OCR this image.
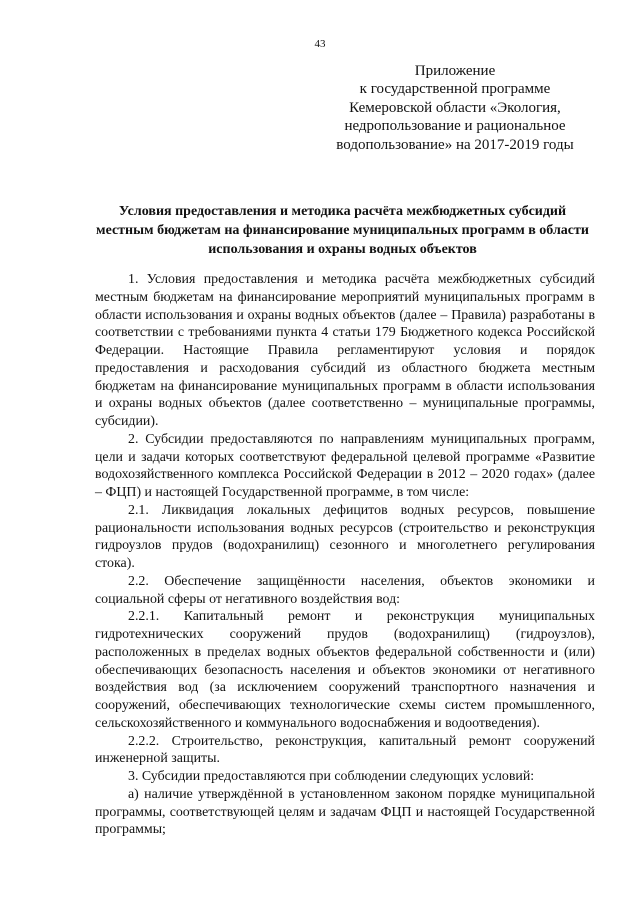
43
Приложение
к государственной программе
Кемеровской области «Экология,
недропользование и рациональное
водопользование» на 2017-2019 годы
Условия предоставления и методика расчёта межбюджетных субсидий местным бюджетам на финансирование муниципальных программ в области использования и охраны водных объектов

1. Условия предоставления и методика расчёта межбюджетных субсидий местным бюджетам на финансирование мероприятий муниципальных программ в области использования и охраны водных объектов (далее – Правила) разработаны в соответствии с требованиями пункта 4 статьи 179 Бюджетного кодекса Российской Федерации. Настоящие Правила регламентируют условия и порядок предоставления и расходования субсидий из областного бюджета местным бюджетам на финансирование муниципальных программ в области использования и охраны водных объектов (далее соответственно – муниципальные программы, субсидии).

2. Субсидии предоставляются по направлениям муниципальных программ, цели и задачи которых соответствуют федеральной целевой программе «Развитие водохозяйственного комплекса Российской Федерации в 2012 – 2020 годах» (далее – ФЦП) и настоящей Государственной программе, в том числе:

2.1. Ликвидация локальных дефицитов водных ресурсов, повышение рациональности использования водных ресурсов (строительство и реконструкция гидроузлов прудов (водохранилищ) сезонного и многолетнего регулирования стока).

2.2. Обеспечение защищённости населения, объектов экономики и социальной сферы от негативного воздействия вод:

2.2.1. Капитальный ремонт и реконструкция муниципальных гидротехнических сооружений прудов (водохранилищ) (гидроузлов), расположенных в пределах водных объектов федеральной собственности и (или) обеспечивающих безопасность населения и объектов экономики от негативного воздействия вод (за исключением сооружений транспортного назначения и сооружений, обеспечивающих технологические схемы систем промышленного, сельскохозяйственного и коммунального водоснабжения и водоотведения).

2.2.2. Строительство, реконструкция, капитальный ремонт сооружений инженерной защиты.

3. Субсидии предоставляются при соблюдении следующих условий:

а) наличие утверждённой в установленном законом порядке муниципальной программы, соответствующей целям и задачам ФЦП и настоящей Государственной программы;
